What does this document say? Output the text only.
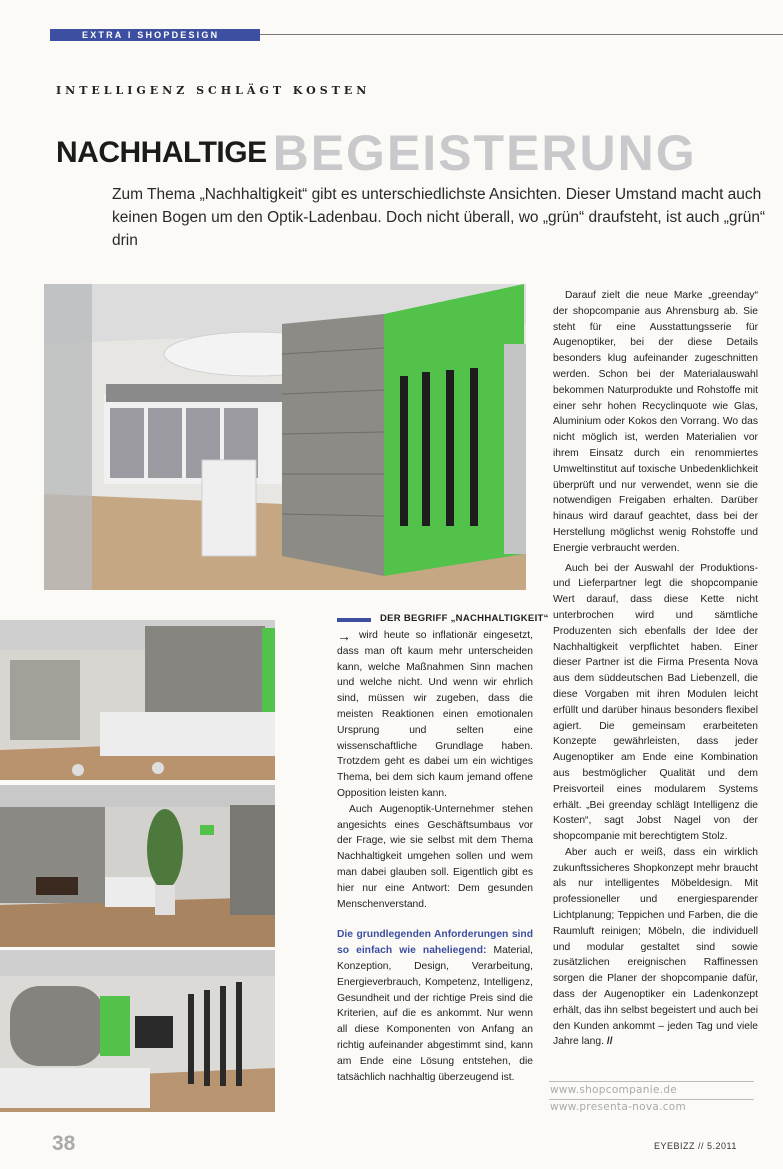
EXTRA I SHOPDESIGN
INTELLIGENZ SCHLÄGT KOSTEN
NACHHALTIGE BEGEISTERUNG
Zum Thema „Nachhaltigkeit“ gibt es unterschiedlichste Ansichten. Dieser Umstand macht auch keinen Bogen um den Optik-Ladenbau. Doch nicht überall, wo „grün“ draufsteht, ist auch „grün“ drin
DER BEGRIFF „NACHHALTIGKEIT“
→ wird heute so inflationär eingesetzt, dass man oft kaum mehr unterscheiden kann, welche Maßnahmen Sinn machen und welche nicht. Und wenn wir ehrlich sind, müssen wir zugeben, dass die meisten Reaktionen einen emotionalen Ursprung und selten eine wissenschaftliche Grundlage haben. Trotzdem geht es dabei um ein wichtiges Thema, bei dem sich kaum jemand offene Opposition leisten kann.

Auch Augenoptik-Unternehmer stehen angesichts eines Geschäftsumbaus vor der Frage, wie sie selbst mit dem Thema Nachhaltigkeit umgehen sollen und wem man dabei glauben soll. Eigentlich gibt es hier nur eine Antwort: Dem gesunden Menschenverstand.

Die grundlegenden Anforderungen sind so einfach wie naheliegend: Material, Konzeption, Design, Verarbeitung, Energieverbrauch, Kompetenz, Intelligenz, Gesundheit und der richtige Preis sind die Kriterien, auf die es ankommt. Nur wenn all diese Komponenten von Anfang an richtig aufeinander abgestimmt sind, kann am Ende eine Lösung entstehen, die tatsächlich nachhaltig überzeugend ist.

Darauf zielt die neue Marke „greenday“ der shopcompanie aus Ahrensburg ab. Sie steht für eine Ausstattungsserie für Augenoptiker, bei der diese Details besonders klug aufeinander zugeschnitten werden. Schon bei der Materialauswahl bekommen Naturprodukte und Rohstoffe mit einer sehr hohen Recyclinquote wie Glas, Aluminium oder Kokos den Vorrang. Wo das nicht möglich ist, werden Materialien vor ihrem Einsatz durch ein renommiertes Umweltinstitut auf toxische Unbedenklichkeit überprüft und nur verwendet, wenn sie die notwendigen Freigaben erhalten. Darüber hinaus wird darauf geachtet, dass bei der Herstellung möglichst wenig Rohstoffe und Energie verbraucht werden.

Auch bei der Auswahl der Produktions- und Lieferpartner legt die shopcompanie Wert darauf, dass diese Kette nicht unterbrochen wird und sämtliche Produzenten sich ebenfalls der Idee der Nachhaltigkeit verpflichtet haben. Einer dieser Partner ist die Firma Presenta Nova aus dem süddeutschen Bad Liebenzell, die diese Vorgaben mit ihren Modulen leicht erfüllt und darüber hinaus besonders flexibel agiert. Die gemeinsam erarbeiteten Konzepte gewährleisten, dass jeder Augenoptiker am Ende eine Kombination aus bestmöglicher Qualität und dem Preisvorteil eines modularem Systems erhält. „Bei greenday schlägt Intelligenz die Kosten“, sagt Jobst Nagel von der shopcompanie mit berechtigtem Stolz.

Aber auch er weiß, dass ein wirklich zukunftssicheres Shopkonzept mehr braucht als nur intelligentes Möbeldesign. Mit professioneller und energiesparender Lichtplanung; Teppichen und Farben, die die Raumluft reinigen; Möbeln, die individuell und modular gestaltet sind sowie zusätzlichen ereignischen Raffinessen sorgen die Planer der shopcompanie dafür, dass der Augenoptiker ein Ladenkonzept erhält, das ihn selbst begeistert und auch bei den Kunden ankommt – jeden Tag und viele Jahre lang. //

www.shopcompanie.de
www.presenta-nova.com
38	EYEBIZZ // 5.2011
